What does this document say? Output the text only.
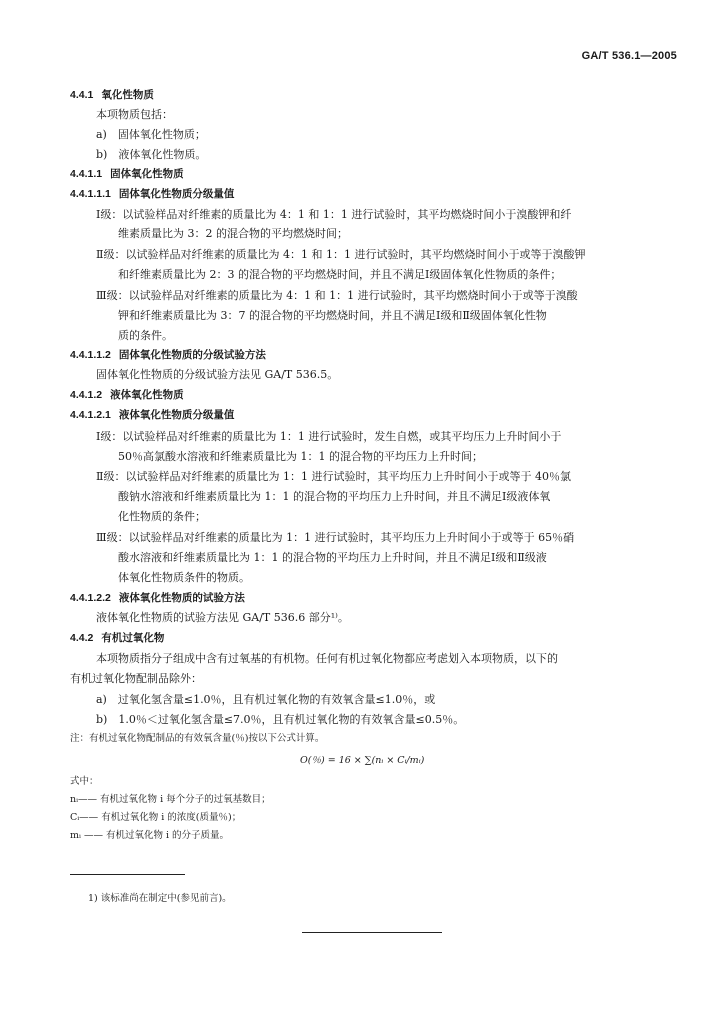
GA/T 536.1—2005
4.4.1 氧化性物质
本项物质包括：
a)　固体氧化性物质；
b)　液体氧化性物质。
4.4.1.1 固体氧化性物质
4.4.1.1.1 固体氧化性物质分级量值
Ⅰ级：以试验样品对纤维素的质量比为 4：1 和 1：1 进行试验时，其平均燃烧时间小于溴酸钾和纤
维素质量比为 3：2 的混合物的平均燃烧时间；
Ⅱ级：以试验样品对纤维素的质量比为 4：1 和 1：1 进行试验时，其平均燃烧时间小于或等于溴酸钾
和纤维素质量比为 2：3 的混合物的平均燃烧时间，并且不满足Ⅰ级固体氧化性物质的条件；
Ⅲ级：以试验样品对纤维素的质量比为 4：1 和 1：1 进行试验时，其平均燃烧时间小于或等于溴酸
钾和纤维素质量比为 3：7 的混合物的平均燃烧时间，并且不满足Ⅰ级和Ⅱ级固体氧化性物
质的条件。
4.4.1.1.2 固体氧化性物质的分级试验方法
固体氧化性物质的分级试验方法见 GA/T 536.5。
4.4.1.2 液体氧化性物质
4.4.1.2.1 液体氧化性物质分级量值
Ⅰ级：以试验样品对纤维素的质量比为 1：1 进行试验时，发生自燃，或其平均压力上升时间小于
50％高氯酸水溶液和纤维素质量比为 1：1 的混合物的平均压力上升时间；
Ⅱ级：以试验样品对纤维素的质量比为 1：1 进行试验时，其平均压力上升时间小于或等于 40％氯
酸钠水溶液和纤维素质量比为 1：1 的混合物的平均压力上升时间，并且不满足Ⅰ级液体氧
化性物质的条件；
Ⅲ级：以试验样品对纤维素的质量比为 1：1 进行试验时，其平均压力上升时间小于或等于 65％硝
酸水溶液和纤维素质量比为 1：1 的混合物的平均压力上升时间，并且不满足Ⅰ级和Ⅱ级液
体氧化性物质条件的物质。
4.4.1.2.2 液体氧化性物质的试验方法
液体氧化性物质的试验方法见 GA/T 536.6 部分¹⁾。
4.4.2 有机过氧化物
本项物质指分子组成中含有过氧基的有机物。任何有机过氧化物都应考虑划入本项物质，以下的
有机过氧化物配制品除外：
a)　过氧化氢含量≤1.0％，且有机过氧化物的有效氧含量≤1.0％，或
b)　1.0％＜过氧化氢含量≤7.0％，且有机过氧化物的有效氧含量≤0.5％。
注：有机过氧化物配制品的有效氧含量(％)按以下公式计算。
O(％) = 16 × ∑(nᵢ × Cᵢ/mᵢ)
式中：
nᵢ—— 有机过氧化物 i 每个分子的过氧基数目；
Cᵢ—— 有机过氧化物 i 的浓度(质量％)；
mᵢ —— 有机过氧化物 i 的分子质量。
1) 该标准尚在制定中(参见前言)。
